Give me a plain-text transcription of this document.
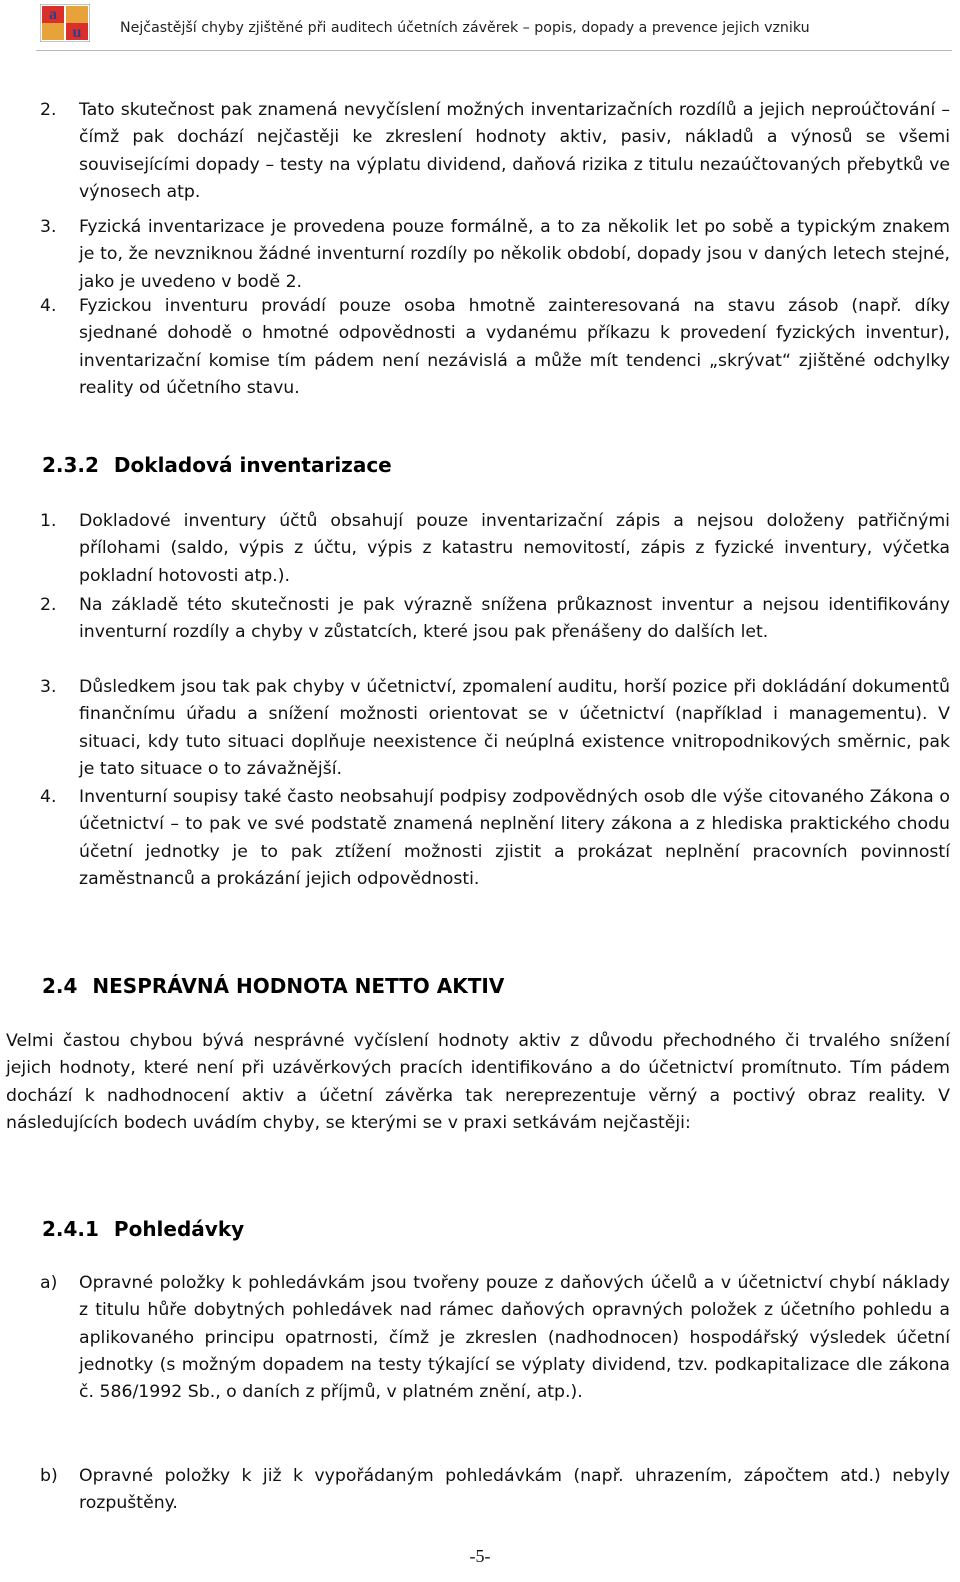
a
u	Nejčastější chyby zjištěné při auditech účetních závěrek – popis, dopady a prevence jejich vzniku
2. Tato skutečnost pak znamená nevyčíslení možných inventarizačních rozdílů a jejich neproúčtování – čímž pak dochází nejčastěji ke zkreslení hodnoty aktiv, pasiv, nákladů a výnosů se všemi souvisejícími dopady – testy na výplatu dividend, daňová rizika z titulu nezaúčtovaných přebytků ve výnosech atp.
3. Fyzická inventarizace je provedena pouze formálně, a to za několik let po sobě a typickým znakem je to, že nevzniknou žádné inventurní rozdíly po několik období, dopady jsou v daných letech stejné, jako je uvedeno v bodě 2.
4. Fyzickou inventuru provádí pouze osoba hmotně zainteresovaná na stavu zásob (např. díky sjednané dohodě o hmotné odpovědnosti a vydanému příkazu k provedení fyzických inventur), inventarizační komise tím pádem není nezávislá a může mít tendenci „skrývat“ zjištěné odchylky reality od účetního stavu.
2.3.2 Dokladová inventarizace
1. Dokladové inventury účtů obsahují pouze inventarizační zápis a nejsou doloženy patřičnými přílohami (saldo, výpis z účtu, výpis z katastru nemovitostí, zápis z fyzické inventury, výčetka pokladní hotovosti atp.).
2. Na základě této skutečnosti je pak výrazně snížena průkaznost inventur a nejsou identifikovány inventurní rozdíly a chyby v zůstatcích, které jsou pak přenášeny do dalších let.
3. Důsledkem jsou tak pak chyby v účetnictví, zpomalení auditu, horší pozice při dokládání dokumentů finančnímu úřadu a snížení možnosti orientovat se v účetnictví (například i managementu). V situaci, kdy tuto situaci doplňuje neexistence či neúplná existence vnitropodnikových směrnic, pak je tato situace o to závažnější.
4. Inventurní soupisy také často neobsahují podpisy zodpovědných osob dle výše citovaného Zákona o účetnictví – to pak ve své podstatě znamená neplnění litery zákona a z hlediska praktického chodu účetní jednotky je to pak ztížení možnosti zjistit a prokázat neplnění pracovních povinností zaměstnanců a prokázání jejich odpovědnosti.
2.4 NESPRÁVNÁ HODNOTA NETTO AKTIV
Velmi častou chybou bývá nesprávné vyčíslení hodnoty aktiv z důvodu přechodného či trvalého snížení jejich hodnoty, které není při uzávěrkových pracích identifikováno a do účetnictví promítnuto. Tím pádem dochází k nadhodnocení aktiv a účetní závěrka tak nereprezentuje věrný a poctivý obraz reality. V následujících bodech uvádím chyby, se kterými se v praxi setkávám nejčastěji:
2.4.1 Pohledávky
a) Opravné položky k pohledávkám jsou tvořeny pouze z daňových účelů a v účetnictví chybí náklady z titulu hůře dobytných pohledávek nad rámec daňových opravných položek z účetního pohledu a aplikovaného principu opatrnosti, čímž je zkreslen (nadhodnocen) hospodářský výsledek účetní jednotky (s možným dopadem na testy týkající se výplaty dividend, tzv. podkapitalizace dle zákona č. 586/1992 Sb., o daních z příjmů, v platném znění, atp.).
b) Opravné položky k již k vypořádaným pohledávkám (např. uhrazením, zápočtem atd.) nebyly rozpuštěny.
-5-
